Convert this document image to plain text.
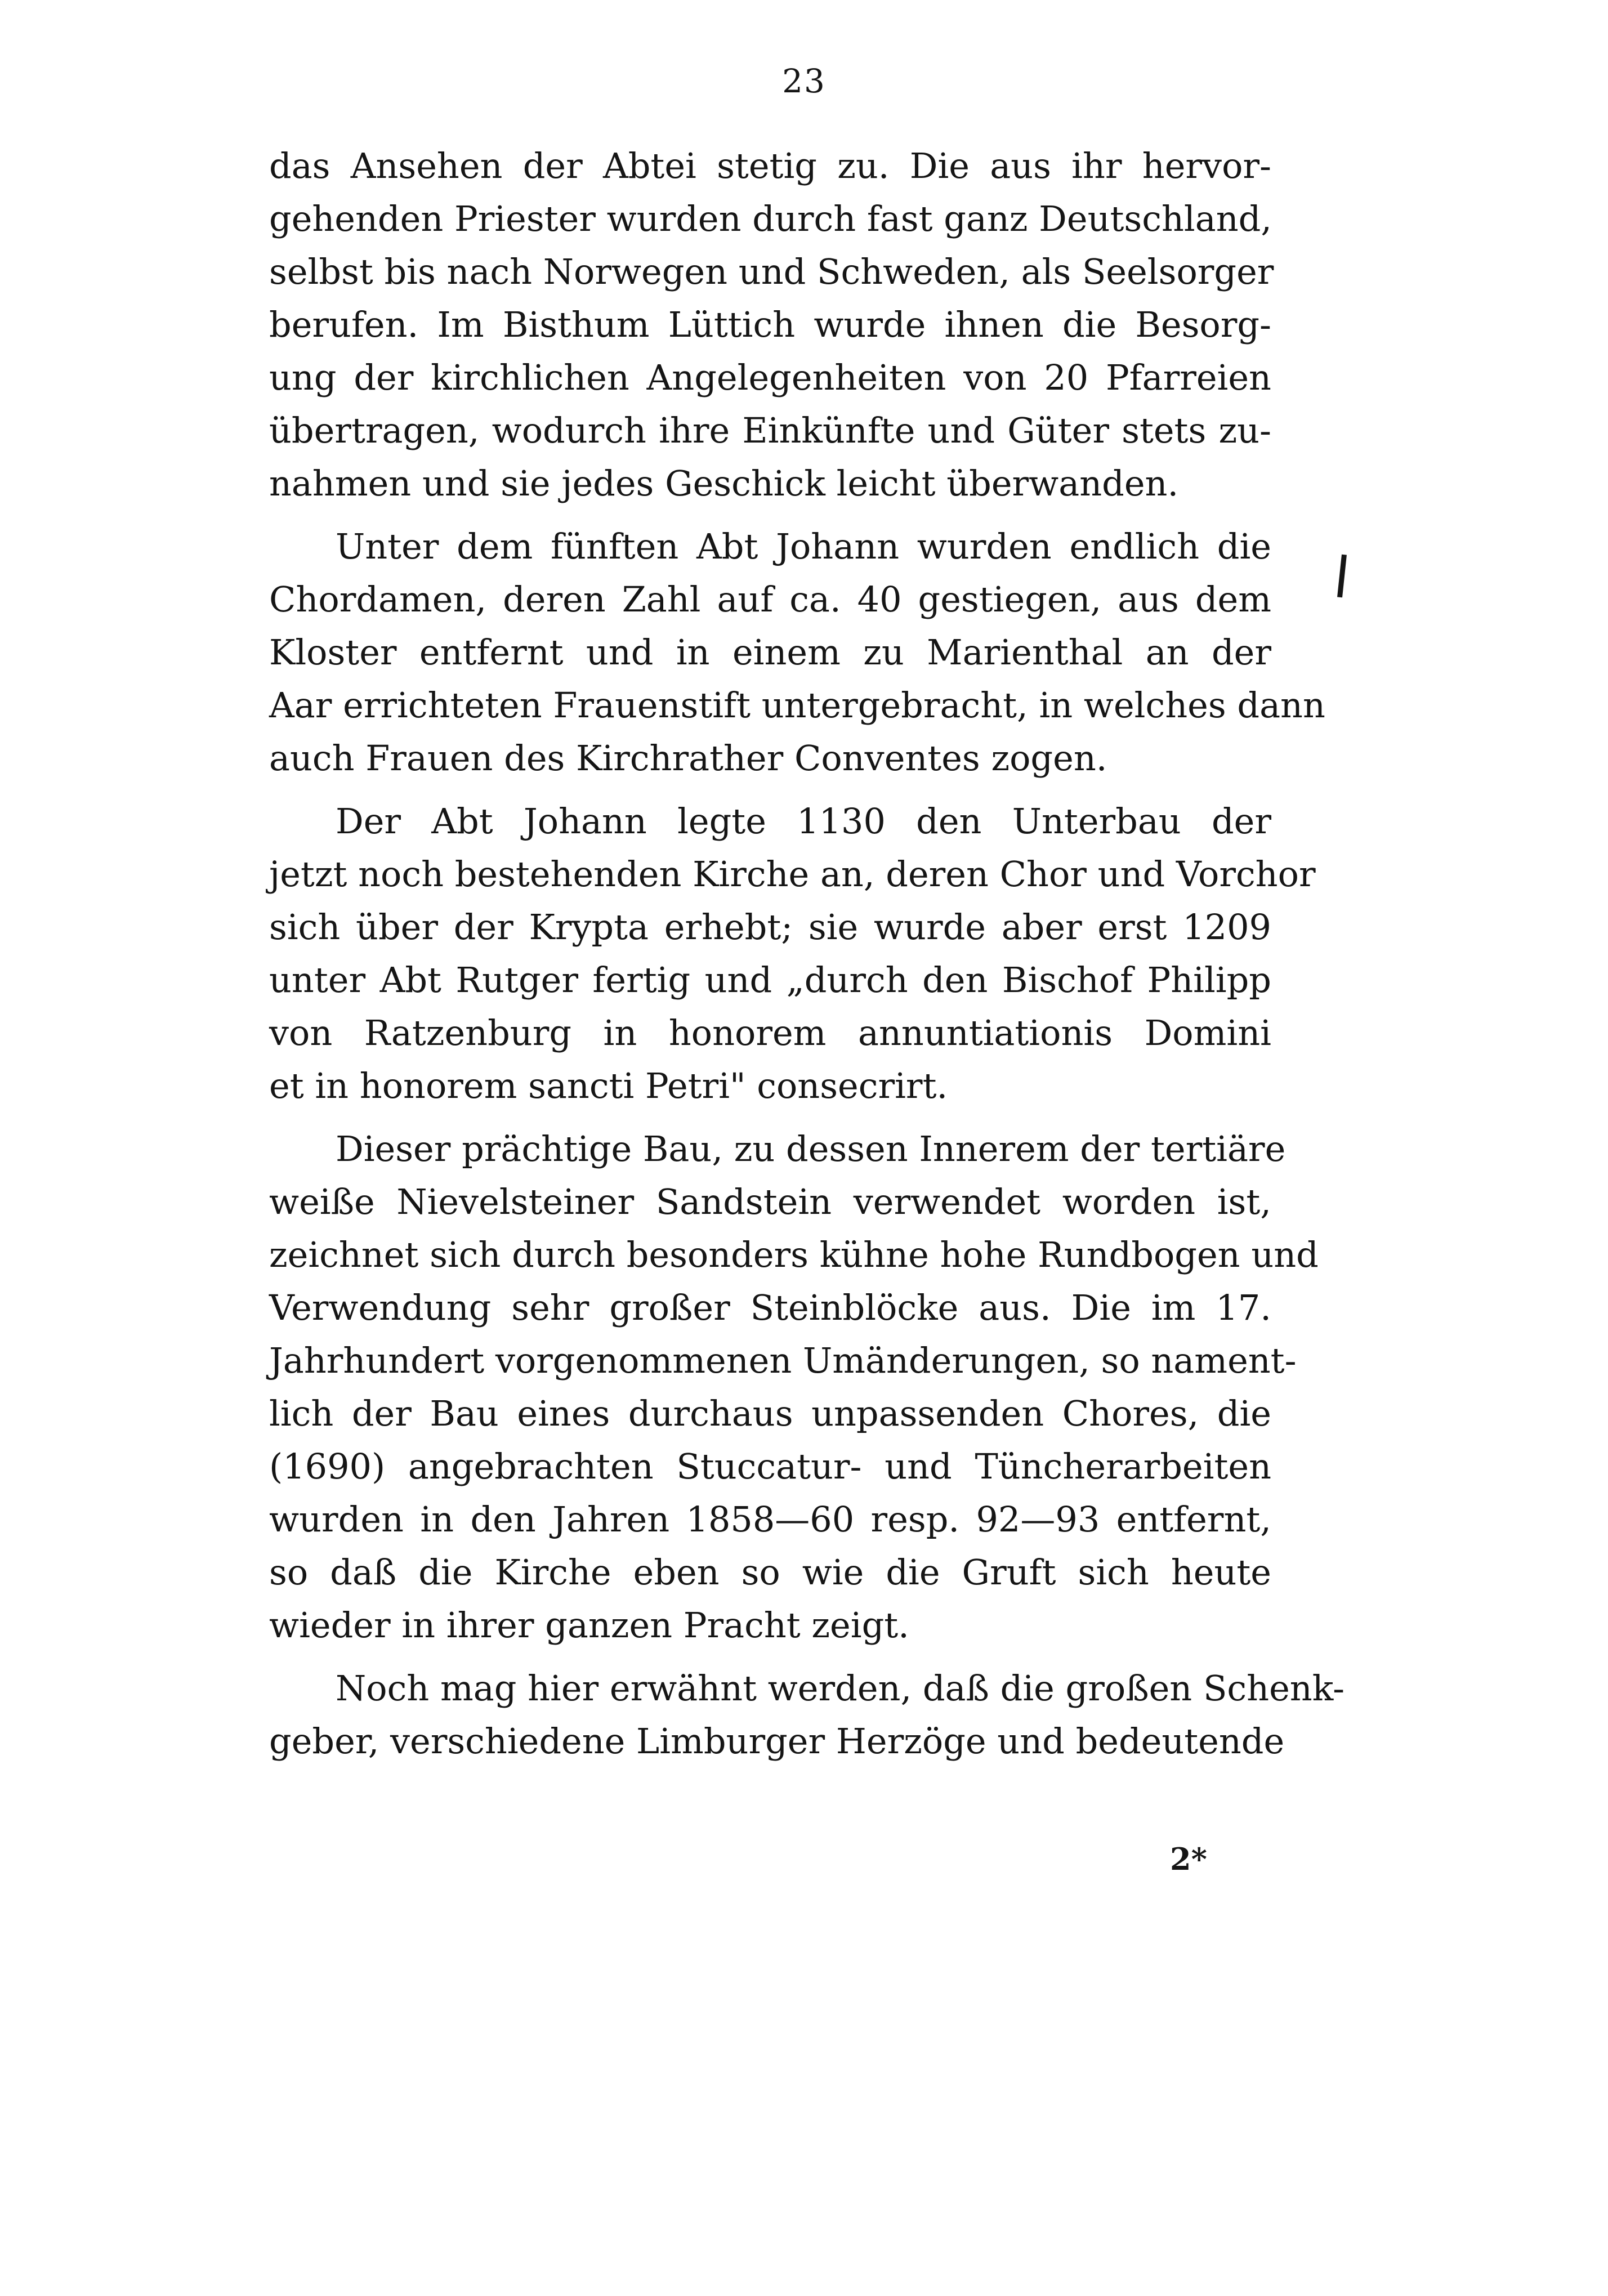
23
das Ansehen der Abtei stetig zu. Die aus ihr hervor-
gehenden Priester wurden durch fast ganz Deutschland,
selbst bis nach Norwegen und Schweden, als Seelsorger
berufen. Im Bisthum Lüttich wurde ihnen die Besorg-
ung der kirchlichen Angelegenheiten von 20 Pfarreien
übertragen, wodurch ihre Einkünfte und Güter stets zu-
nahmen und sie jedes Geschick leicht überwanden.
Unter dem fünften Abt Johann wurden endlich die
Chordamen, deren Zahl auf ca. 40 gestiegen, aus dem
Kloster entfernt und in einem zu Marienthal an der
Aar errichteten Frauenstift untergebracht, in welches dann
auch Frauen des Kirchrather Conventes zogen.
Der Abt Johann legte 1130 den Unterbau der
jetzt noch bestehenden Kirche an, deren Chor und Vorchor
sich über der Krypta erhebt; sie wurde aber erst 1209
unter Abt Rutger fertig und „durch den Bischof Philipp
von Ratzenburg in honorem annuntiationis Domini
et in honorem sancti Petri" consecrirt.
Dieser prächtige Bau, zu dessen Innerem der tertiäre
weiße Nievelsteiner Sandstein verwendet worden ist,
zeichnet sich durch besonders kühne hohe Rundbogen und
Verwendung sehr großer Steinblöcke aus. Die im 17.
Jahrhundert vorgenommenen Umänderungen, so nament-
lich der Bau eines durchaus unpassenden Chores, die
(1690) angebrachten Stuccatur- und Tüncherarbeiten
wurden in den Jahren 1858—60 resp. 92—93 entfernt,
so daß die Kirche eben so wie die Gruft sich heute
wieder in ihrer ganzen Pracht zeigt.
Noch mag hier erwähnt werden, daß die großen Schenk-
geber, verschiedene Limburger Herzöge und bedeutende
2*
